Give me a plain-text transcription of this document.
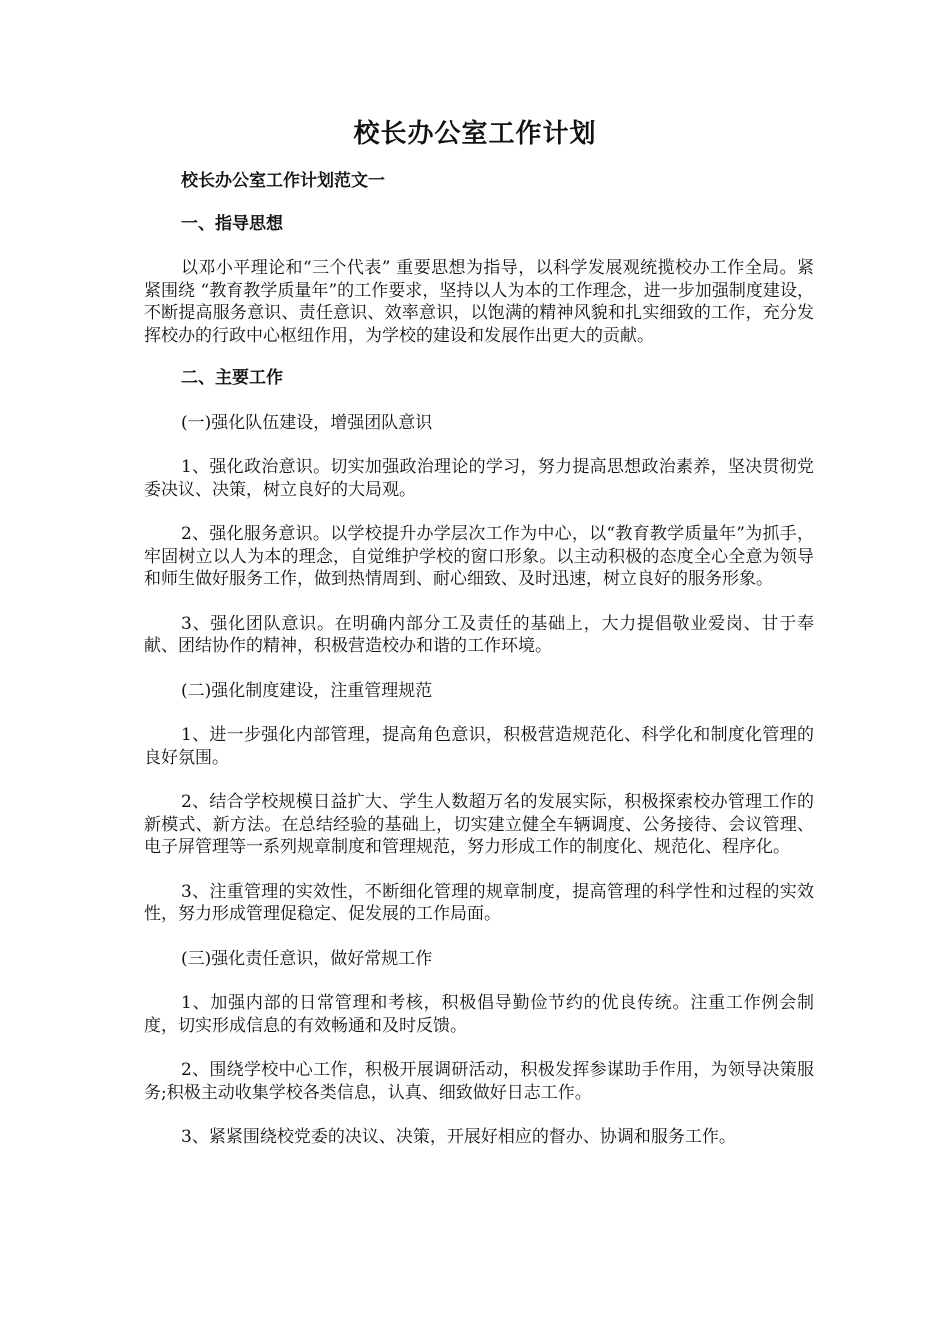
校长办公室工作计划

校长办公室工作计划范文一

一、指导思想

以邓小平理论和“三个代表” 重要思想为指导，以科学发展观统揽校办工作全局。紧紧围绕 “教育教学质量年”的工作要求，坚持以人为本的工作理念，进一步加强制度建设，不断提高服务意识、责任意识、效率意识，以饱满的精神风貌和扎实细致的工作，充分发挥校办的行政中心枢纽作用，为学校的建设和发展作出更大的贡献。

二、主要工作

(一)强化队伍建设，增强团队意识

1、强化政治意识。切实加强政治理论的学习，努力提高思想政治素养，坚决贯彻党委决议、决策，树立良好的大局观。

2、强化服务意识。以学校提升办学层次工作为中心，以“教育教学质量年”为抓手，牢固树立以人为本的理念，自觉维护学校的窗口形象。以主动积极的态度全心全意为领导和师生做好服务工作，做到热情周到、耐心细致、及时迅速，树立良好的服务形象。

3、强化团队意识。在明确内部分工及责任的基础上，大力提倡敬业爱岗、甘于奉献、团结协作的精神，积极营造校办和谐的工作环境。

(二)强化制度建设，注重管理规范

1、进一步强化内部管理，提高角色意识，积极营造规范化、科学化和制度化管理的良好氛围。

2、结合学校规模日益扩大、学生人数超万名的发展实际，积极探索校办管理工作的新模式、新方法。在总结经验的基础上，切实建立健全车辆调度、公务接待、会议管理、电子屏管理等一系列规章制度和管理规范，努力形成工作的制度化、规范化、程序化。

3、注重管理的实效性，不断细化管理的规章制度，提高管理的科学性和过程的实效性，努力形成管理促稳定、促发展的工作局面。

(三)强化责任意识，做好常规工作

1、加强内部的日常管理和考核，积极倡导勤俭节约的优良传统。注重工作例会制度，切实形成信息的有效畅通和及时反馈。

2、围绕学校中心工作，积极开展调研活动，积极发挥参谋助手作用，为领导决策服务;积极主动收集学校各类信息，认真、细致做好日志工作。

3、紧紧围绕校党委的决议、决策，开展好相应的督办、协调和服务工作。
